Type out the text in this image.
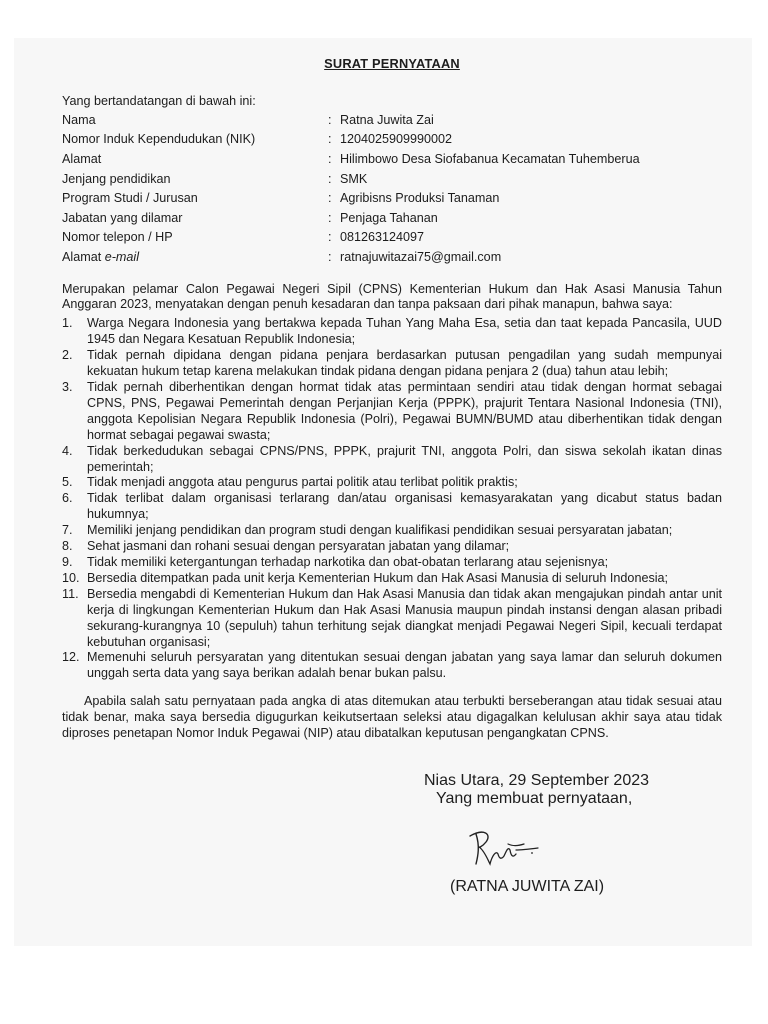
SURAT PERNYATAAN
Yang bertandatangan di bawah ini:
Nama	: Ratna Juwita Zai
Nomor Induk Kependudukan (NIK)	: 1204025909990002
Alamat	: Hilimbowo Desa Siofabanua Kecamatan Tuhemberua
Jenjang pendidikan	: SMK
Program Studi / Jurusan	: Agribisns Produksi Tanaman
Jabatan yang dilamar	: Penjaga Tahanan
Nomor telepon / HP	: 081263124097
Alamat e-mail	: ratnajuwitazai75@gmail.com

Merupakan pelamar Calon Pegawai Negeri Sipil (CPNS) Kementerian Hukum dan Hak Asasi Manusia Tahun Anggaran 2023, menyatakan dengan penuh kesadaran dan tanpa paksaan dari pihak manapun, bahwa saya:

1.	Warga Negara Indonesia yang bertakwa kepada Tuhan Yang Maha Esa, setia dan taat kepada Pancasila, UUD 1945 dan Negara Kesatuan Republik Indonesia;
2.	Tidak pernah dipidana dengan pidana penjara berdasarkan putusan pengadilan yang sudah mempunyai kekuatan hukum tetap karena melakukan tindak pidana dengan pidana penjara 2 (dua) tahun atau lebih;
3.	Tidak pernah diberhentikan dengan hormat tidak atas permintaan sendiri atau tidak dengan hormat sebagai CPNS, PNS, Pegawai Pemerintah dengan Perjanjian Kerja (PPPK), prajurit Tentara Nasional Indonesia (TNI), anggota Kepolisian Negara Republik Indonesia (Polri), Pegawai BUMN/BUMD atau diberhentikan tidak dengan hormat sebagai pegawai swasta;
4.	Tidak berkedudukan sebagai CPNS/PNS, PPPK, prajurit TNI, anggota Polri, dan siswa sekolah ikatan dinas pemerintah;
5.	Tidak menjadi anggota atau pengurus partai politik atau terlibat politik praktis;
6.	Tidak terlibat dalam organisasi terlarang dan/atau organisasi kemasyarakatan yang dicabut status badan hukumnya;
7.	Memiliki jenjang pendidikan dan program studi dengan kualifikasi pendidikan sesuai persyaratan jabatan;
8.	Sehat jasmani dan rohani sesuai dengan persyaratan jabatan yang dilamar;
9.	Tidak memiliki ketergantungan terhadap narkotika dan obat-obatan terlarang atau sejenisnya;
10. Bersedia ditempatkan pada unit kerja Kementerian Hukum dan Hak Asasi Manusia di seluruh Indonesia;
11. Bersedia mengabdi di Kementerian Hukum dan Hak Asasi Manusia dan tidak akan mengajukan pindah antar unit kerja di lingkungan Kementerian Hukum dan Hak Asasi Manusia maupun pindah instansi dengan alasan pribadi sekurang-kurangnya 10 (sepuluh) tahun terhitung sejak diangkat menjadi Pegawai Negeri Sipil, kecuali terdapat kebutuhan organisasi;
12. Memenuhi seluruh persyaratan yang ditentukan sesuai dengan jabatan yang saya lamar dan seluruh dokumen unggah serta data yang saya berikan adalah benar bukan palsu.

Apabila salah satu pernyataan pada angka di atas ditemukan atau terbukti berseberangan atau tidak sesuai atau tidak benar, maka saya bersedia digugurkan keikutsertaan seleksi atau digagalkan kelulusan akhir saya atau tidak diproses penetapan Nomor Induk Pegawai (NIP) atau dibatalkan keputusan pengangkatan CPNS.

Nias Utara, 29 September 2023
Yang membuat pernyataan,
(RATNA JUWITA ZAI)
